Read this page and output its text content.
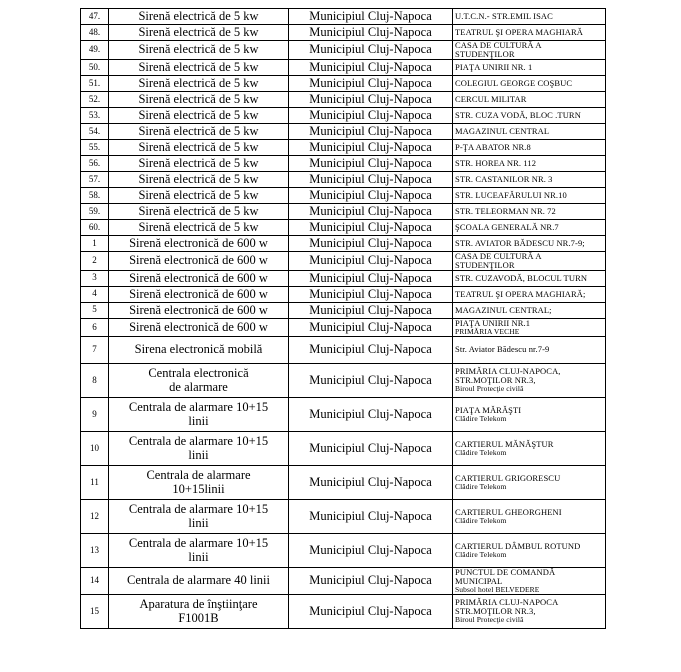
47.	Sirenă electrică de 5 kw	Municipiul Cluj-Napoca	U.T.C.N.- STR.EMIL ISAC
48.	Sirenă electrică de 5 kw	Municipiul Cluj-Napoca	TEATRUL ŞI OPERA MAGHIARĂ
49.	Sirenă electrică de 5 kw	Municipiul Cluj-Napoca	CASA DE CULTURĂ A STUDENŢILOR
50.	Sirenă electrică de 5 kw	Municipiul Cluj-Napoca	PIAŢA UNIRII NR. 1
51.	Sirenă electrică de 5 kw	Municipiul Cluj-Napoca	COLEGIUL GEORGE COŞBUC
52.	Sirenă electrică de 5 kw	Municipiul Cluj-Napoca	CERCUL MILITAR
53.	Sirenă electrică de 5 kw	Municipiul Cluj-Napoca	STR. CUZA VODĂ, BLOC .TURN
54.	Sirenă electrică de 5 kw	Municipiul Cluj-Napoca	MAGAZINUL CENTRAL
55.	Sirenă electrică de 5 kw	Municipiul Cluj-Napoca	P-ŢA ABATOR NR.8
56.	Sirenă electrică de 5 kw	Municipiul Cluj-Napoca	STR. HOREA NR. 112
57.	Sirenă electrică de 5 kw	Municipiul Cluj-Napoca	STR. CASTANILOR NR. 3
58.	Sirenă electrică de 5 kw	Municipiul Cluj-Napoca	STR. LUCEAFĂRULUI NR.10
59.	Sirenă electrică de 5 kw	Municipiul Cluj-Napoca	STR. TELEORMAN NR. 72
60.	Sirenă electrică de 5 kw	Municipiul Cluj-Napoca	ŞCOALA GENERALĂ NR.7
1	Sirenă electronică de 600 w	Municipiul Cluj-Napoca	STR. AVIATOR BĂDESCU NR.7-9;
2	Sirenă electronică de 600 w	Municipiul Cluj-Napoca	CASA DE CULTURĂ A STUDENŢILOR
3	Sirenă electronică de 600 w	Municipiul Cluj-Napoca	STR. CUZAVODĂ, BLOCUL TURN
4	Sirenă electronică de 600 w	Municipiul Cluj-Napoca	TEATRUL ŞI OPERA MAGHIARĂ;
5	Sirenă electronică de 600 w	Municipiul Cluj-Napoca	MAGAZINUL CENTRAL;
6	Sirenă electronică de 600 w	Municipiul Cluj-Napoca	PIAŢA UNIRII NR.1
PRIMĂRIA VECHE

7	Sirena electronică mobilă	Municipiul Cluj-Napoca	Str. Aviator Bădescu nr.7-9
8	Centrala electronică
de alarmare	Municipiul Cluj-Napoca	PRIMĂRIA CLUJ-NAPOCA, STR.MOŢILOR NR.3,
Biroul Protecţie civilă

9	Centrala de alarmare 10+15
linii	Municipiul Cluj-Napoca	PIAŢA MĂRĂŞTI
Clădire Telekom

10	Centrala de alarmare 10+15
linii	Municipiul Cluj-Napoca	CARTIERUL MĂNĂŞTUR
Clădire Telekom

11	Centrala de alarmare
10+15linii	Municipiul Cluj-Napoca	CARTIERUL GRIGORESCU
Clădire Telekom

12	Centrala de alarmare 10+15
linii	Municipiul Cluj-Napoca	CARTIERUL GHEORGHENI
Clădire Telekom

13	Centrala de alarmare 10+15
linii	Municipiul Cluj-Napoca	CARTIERUL DÂMBUL ROTUND
Clădire Telekom

14	Centrala de alarmare 40 linii	Municipiul Cluj-Napoca	PUNCTUL DE COMANDĂ MUNICIPAL
Subsol hotel BELVEDERE

15	Aparatura de înştiinţare
F1001B	Municipiul Cluj-Napoca	PRIMĂRIA CLUJ-NAPOCA STR.MOŢILOR NR.3,
Biroul Protecţie civilă
